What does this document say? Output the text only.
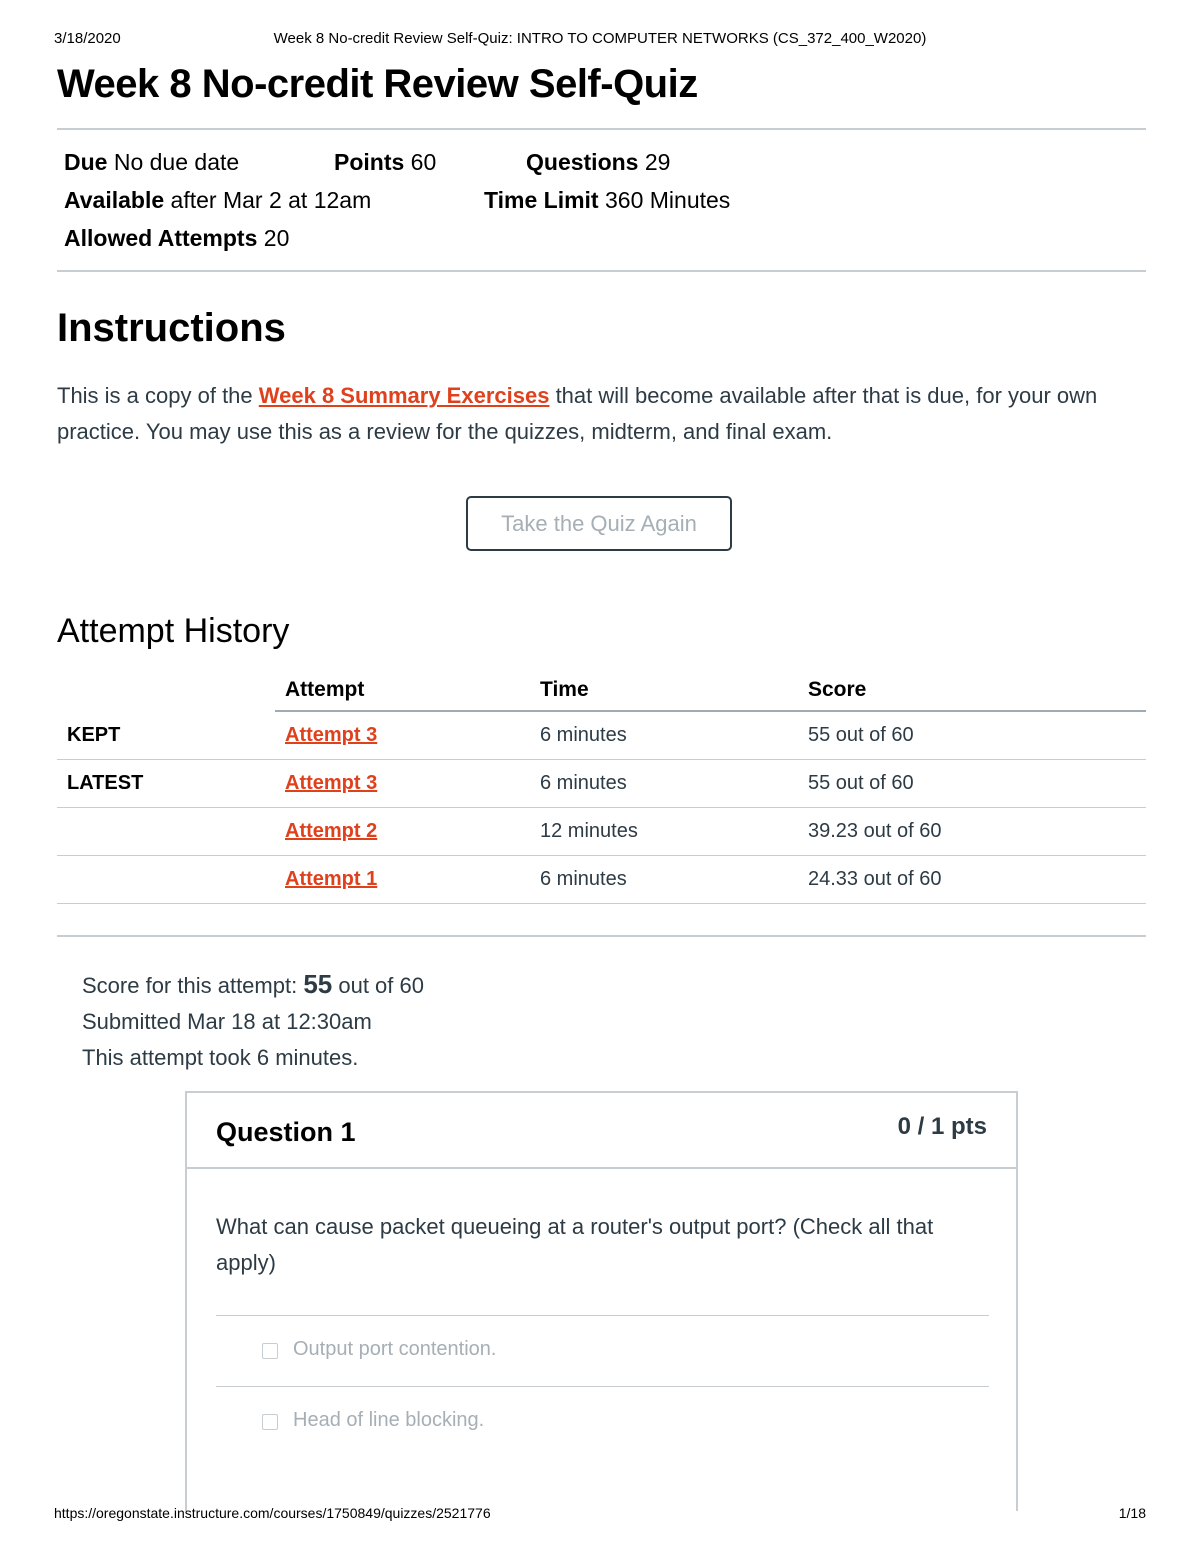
3/18/2020	Week 8 No-credit Review Self-Quiz: INTRO TO COMPUTER NETWORKS (CS_372_400_W2020)
Week 8 No-credit Review Self-Quiz
Due No due date	Points 60	Questions 29
Available after Mar 2 at 12am	Time Limit 360 Minutes
Allowed Attempts 20
Instructions

This is a copy of the Week 8 Summary Exercises that will become available after that is due, for your own practice. You may use this as a review for the quizzes, midterm, and final exam.

Take the Quiz Again
Attempt History
	Attempt	Time	Score
KEPT	Attempt 3	6 minutes	55 out of 60
LATEST	Attempt 3	6 minutes	55 out of 60
	Attempt 2	12 minutes	39.23 out of 60
	Attempt 1	6 minutes	24.33 out of 60
Score for this attempt: 55 out of 60
Submitted Mar 18 at 12:30am
This attempt took 6 minutes.
Question 1	0 / 1 pts
What can cause packet queueing at a router's output port? (Check all that apply)
Output port contention.
Head of line blocking.
https://oregonstate.instructure.com/courses/1750849/quizzes/2521776	1/18
